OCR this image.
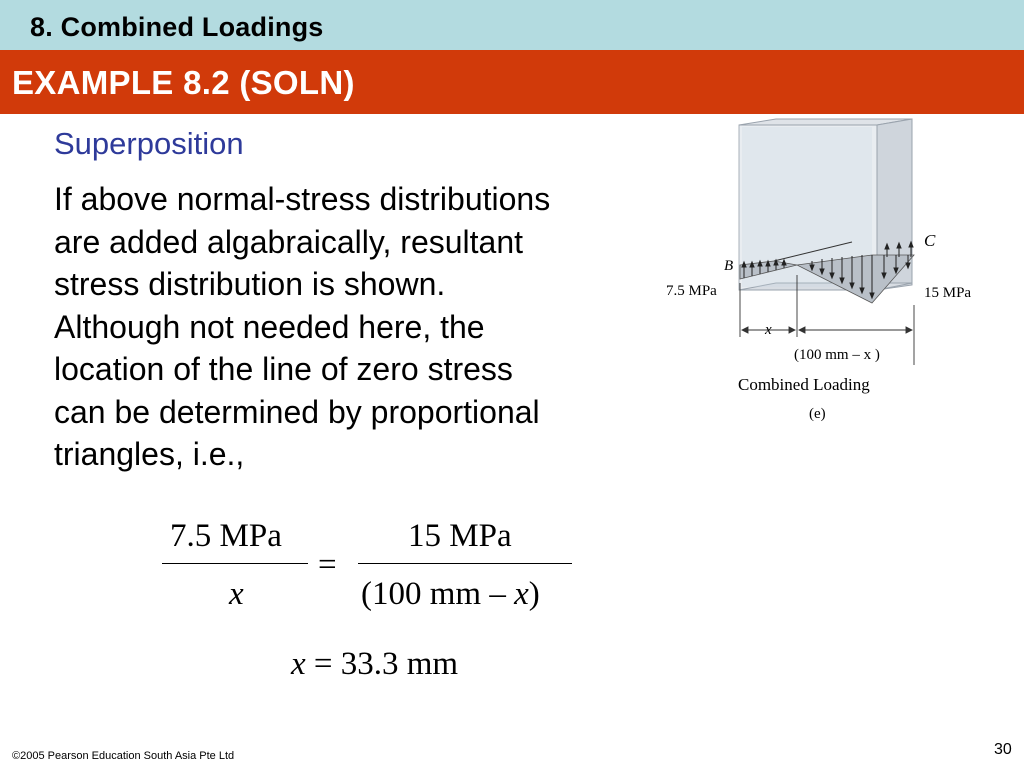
8. Combined Loadings
EXAMPLE 8.2 (SOLN)
Superposition
If above normal-stress distributions
are added algabraically, resultant
stress distribution is shown.
Although not needed here, the
location of the line of zero stress
can be determined by proportional
triangles, i.e.,
B
C
7.5 MPa	15 MPa
x
(100 mm – x )
Combined Loading
(e)
7.5 MPa
x
=
15 MPa
(100 mm – x)
x = 33.3 mm
©2005 Pearson Education South Asia Pte Ltd	30
